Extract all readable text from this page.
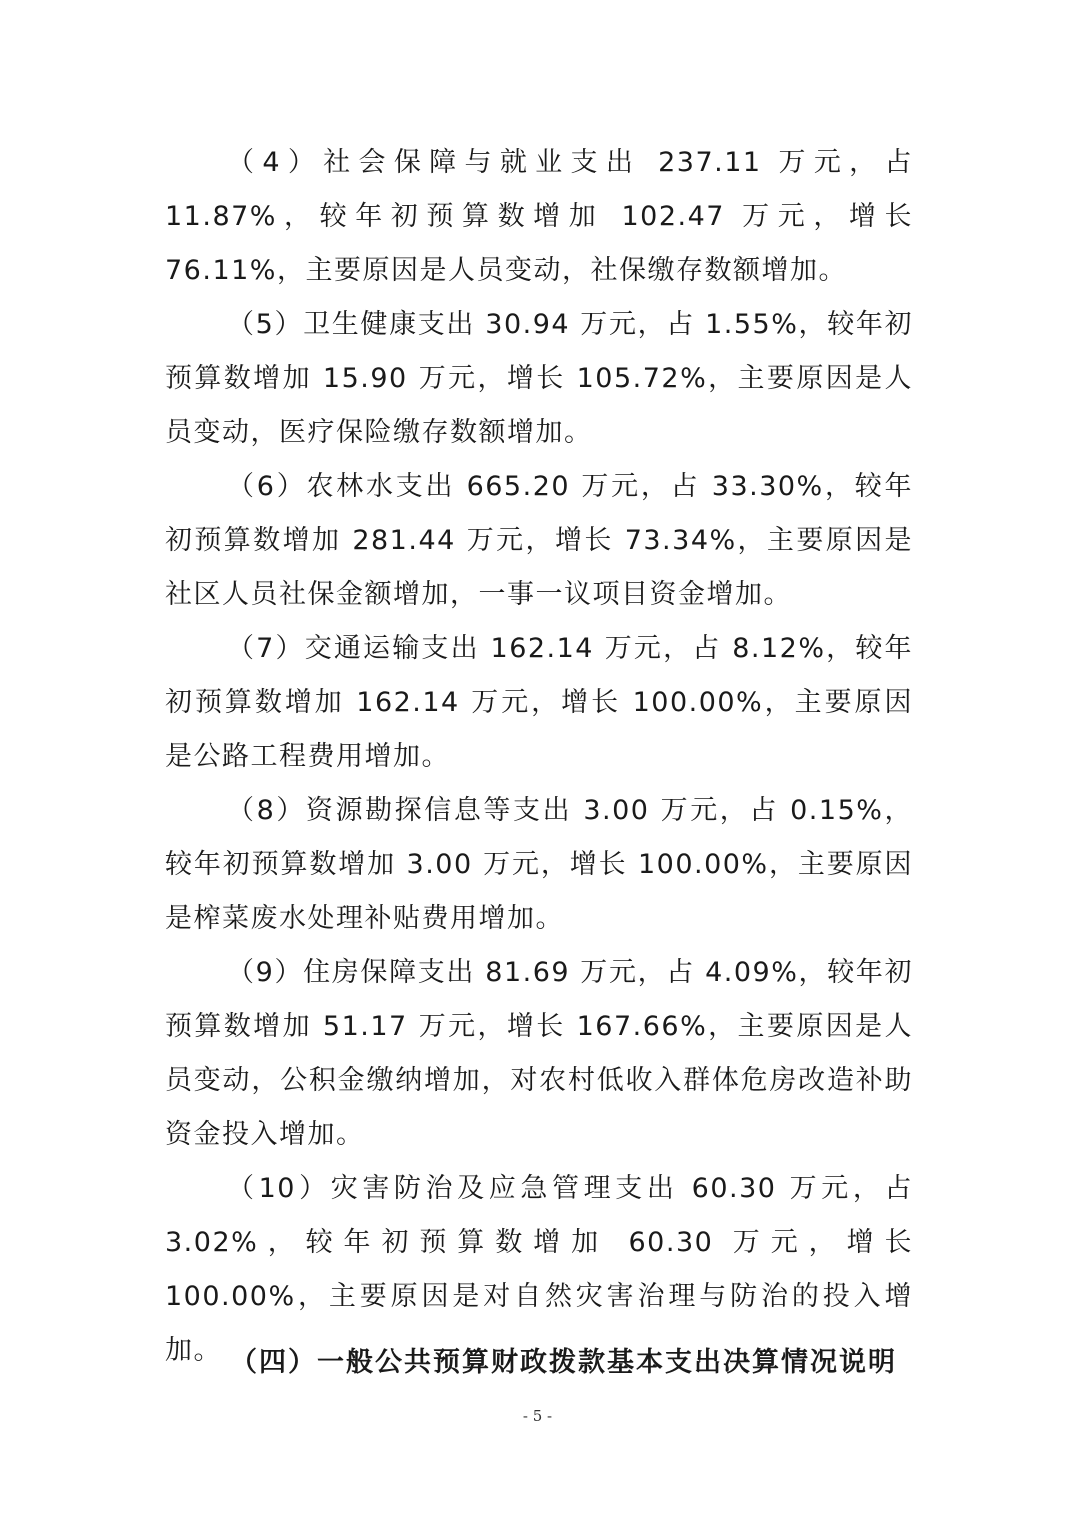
（4）社会保障与就业支出 237.11 万元，占 11.87%，较年初预算数增加 102.47 万元，增长 76.11%，主要原因是人员变动，社保缴存数额增加。

（5）卫生健康支出 30.94 万元，占 1.55%，较年初预算数增加 15.90 万元，增长 105.72%，主要原因是人员变动，医疗保险缴存数额增加。

（6）农林水支出 665.20 万元，占 33.30%，较年初预算数增加 281.44 万元，增长 73.34%，主要原因是社区人员社保金额增加，一事一议项目资金增加。

（7）交通运输支出 162.14 万元，占 8.12%，较年初预算数增加 162.14 万元，增长 100.00%，主要原因是公路工程费用增加。

（8）资源勘探信息等支出 3.00 万元，占 0.15%，较年初预算数增加 3.00 万元，增长 100.00%，主要原因是榨菜废水处理补贴费用增加。

（9）住房保障支出 81.69 万元，占 4.09%，较年初预算数增加 51.17 万元，增长 167.66%，主要原因是人员变动，公积金缴纳增加，对农村低收入群体危房改造补助资金投入增加。

（10）灾害防治及应急管理支出 60.30 万元，占 3.02%，较年初预算数增加 60.30 万元，增长 100.00%，主要原因是对自然灾害治理与防治的投入增加。 （四）一般公共预算财政拨款基本支出决算情况说明
- 5 -
